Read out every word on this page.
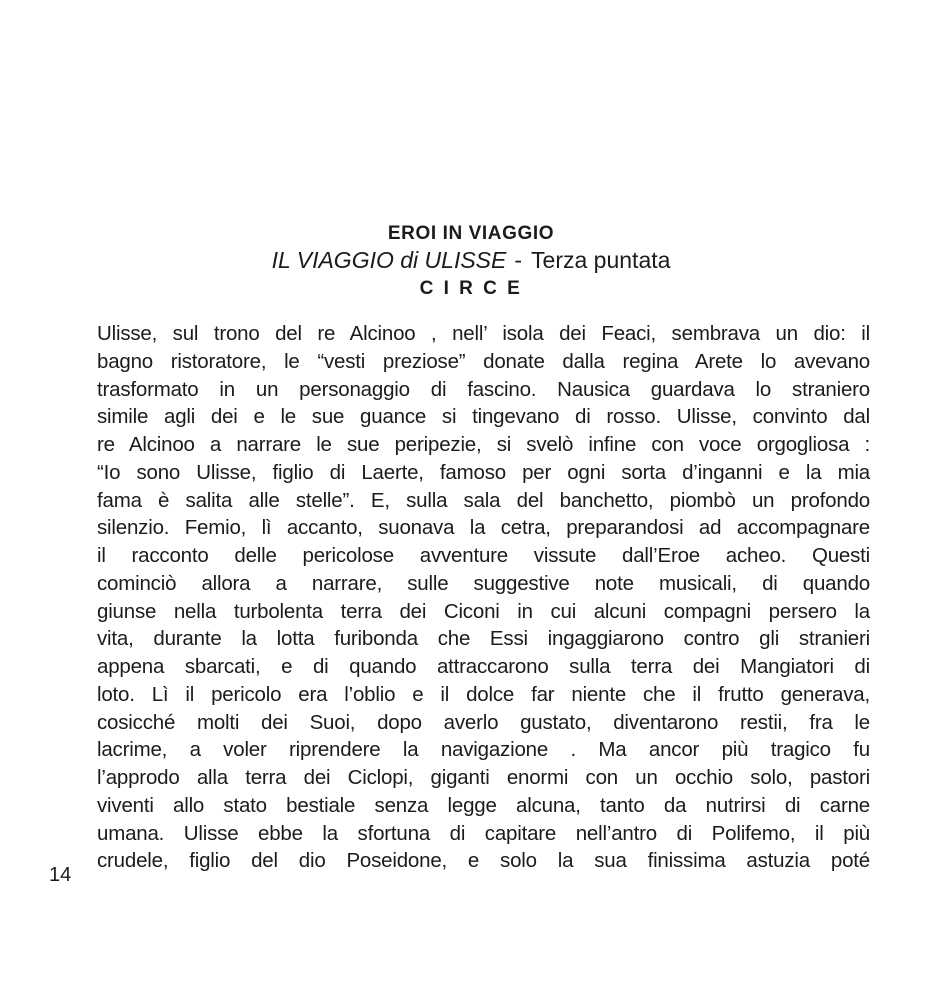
EROI IN VIAGGIO
IL VIAGGIO di ULISSE - Terza puntata
C I R C E
Ulisse, sul trono del re Alcinoo , nell’ isola dei Feaci, sembrava un dio: il
bagno ristoratore, le “vesti preziose” donate dalla regina Arete lo avevano
trasformato in un personaggio di fascino. Nausica guardava lo straniero
simile agli dei e le sue guance si tingevano di rosso. Ulisse, convinto dal
re Alcinoo a narrare le sue peripezie, si svelò infine con voce orgogliosa :
“Io sono Ulisse, figlio di Laerte, famoso per ogni sorta d’inganni e la mia
fama è salita alle stelle”. E, sulla sala del banchetto, piombò un profondo
silenzio. Femio, lì accanto, suonava la cetra, preparandosi ad accompagnare
il racconto delle pericolose avventure vissute dall’Eroe acheo. Questi
cominciò allora a narrare, sulle suggestive note musicali, di quando
giunse nella turbolenta terra dei Ciconi in cui alcuni compagni persero la
vita, durante la lotta furibonda che Essi ingaggiarono contro gli stranieri
appena sbarcati, e di quando attraccarono sulla terra dei Mangiatori di
loto. Lì il pericolo era l’oblio e il dolce far niente che il frutto generava,
cosicché molti dei Suoi, dopo averlo gustato, diventarono restii, fra le
lacrime, a voler riprendere la navigazione . Ma ancor più tragico fu
l’approdo alla terra dei Ciclopi, giganti enormi con un occhio solo, pastori
viventi allo stato bestiale senza legge alcuna, tanto da nutrirsi di carne
umana. Ulisse ebbe la sfortuna di capitare nell’antro di Polifemo, il più
crudele, figlio del dio Poseidone, e solo la sua finissima astuzia poté
14
